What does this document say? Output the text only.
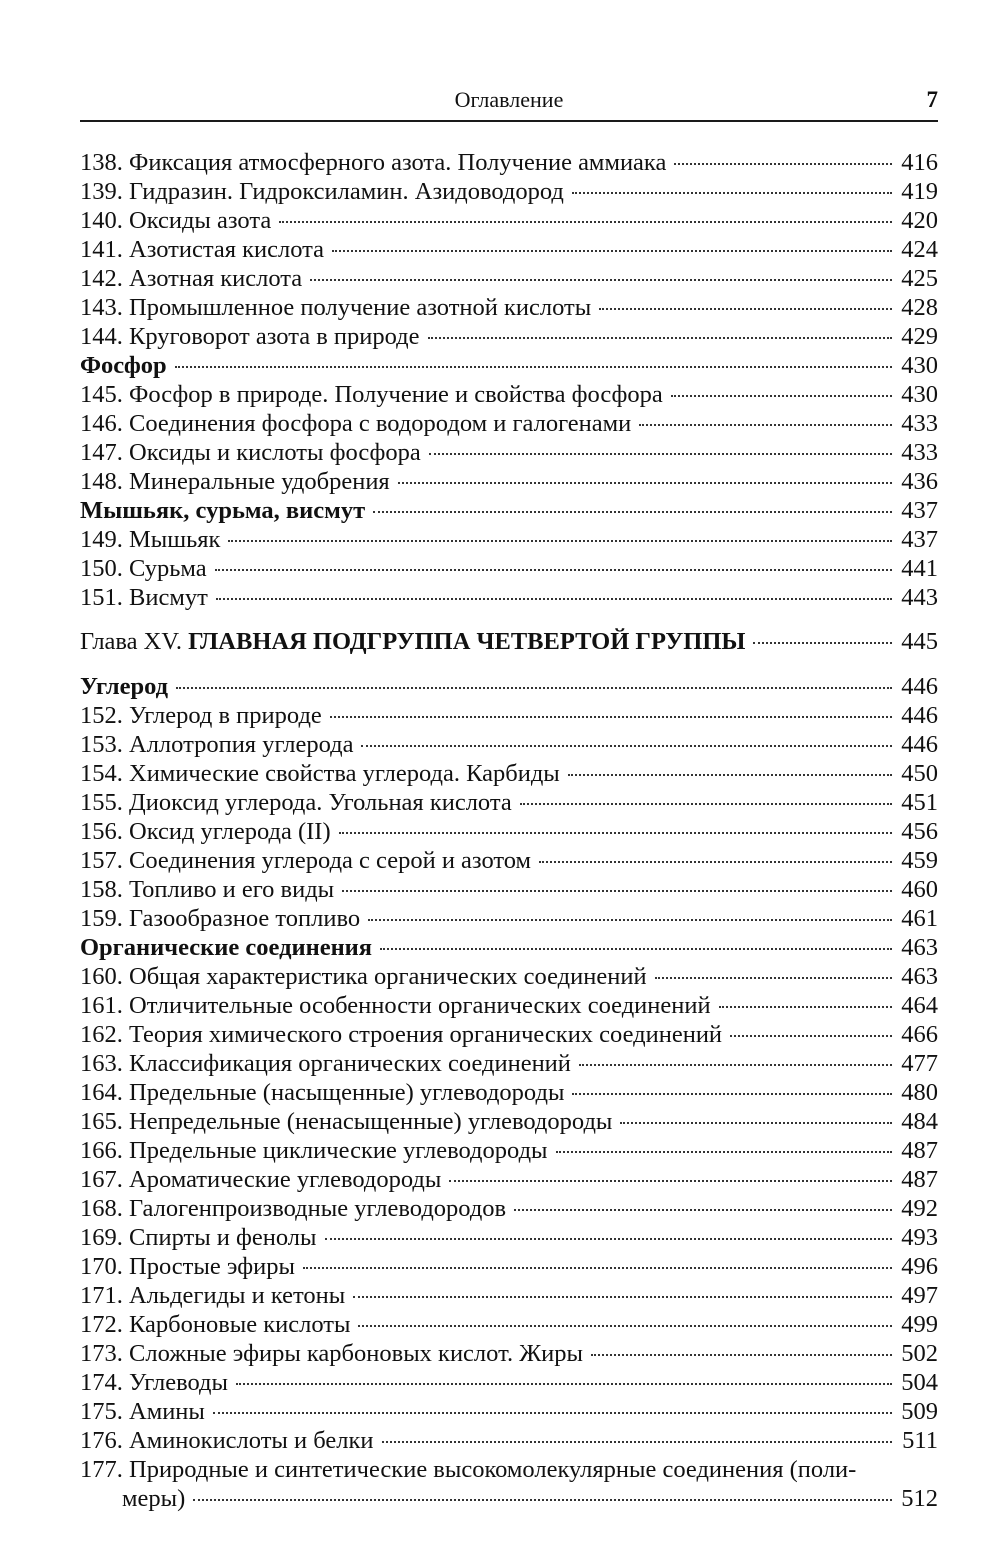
Оглавление	7
138. Фиксация атмосферного азота. Получение аммиака	416
139. Гидразин. Гидроксиламин. Азидоводород	419
140. Оксиды азота	420
141. Азотистая кислота	424
142. Азотная кислота	425
143. Промышленное получение азотной кислоты	428
144. Круговорот азота в природе	429
Фосфор	430
145. Фосфор в природе. Получение и свойства фосфора	430
146. Соединения фосфора с водородом и галогенами	433
147. Оксиды и кислоты фосфора	433
148. Минеральные удобрения	436
Мышьяк, сурьма, висмут	437
149. Мышьяк	437
150. Сурьма	441
151. Висмут	443
Глава XV. ГЛАВНАЯ ПОДГРУППА ЧЕТВЕРТОЙ ГРУППЫ	445
Углерод	446
152. Углерод в природе	446
153. Аллотропия углерода	446
154. Химические свойства углерода. Карбиды	450
155. Диоксид углерода. Угольная кислота	451
156. Оксид углерода (II)	456
157. Соединения углерода с серой и азотом	459
158. Топливо и его виды	460
159. Газообразное топливо	461
Органические соединения	463
160. Общая характеристика органических соединений	463
161. Отличительные особенности органических соединений	464
162. Теория химического строения органических соединений	466
163. Классификация органических соединений	477
164. Предельные (насыщенные) углеводороды	480
165. Непредельные (ненасыщенные) углеводороды	484
166. Предельные циклические углеводороды	487
167. Ароматические углеводороды	487
168. Галогенпроизводные углеводородов	492
169. Спирты и фенолы	493
170. Простые эфиры	496
171. Альдегиды и кетоны	497
172. Карбоновые кислоты	499
173. Сложные эфиры карбоновых кислот. Жиры	502
174. Углеводы	504
175. Амины	509
176. Аминокислоты и белки	511
177. Природные и синтетические высокомолекулярные соединения (поли-
меры)	512
